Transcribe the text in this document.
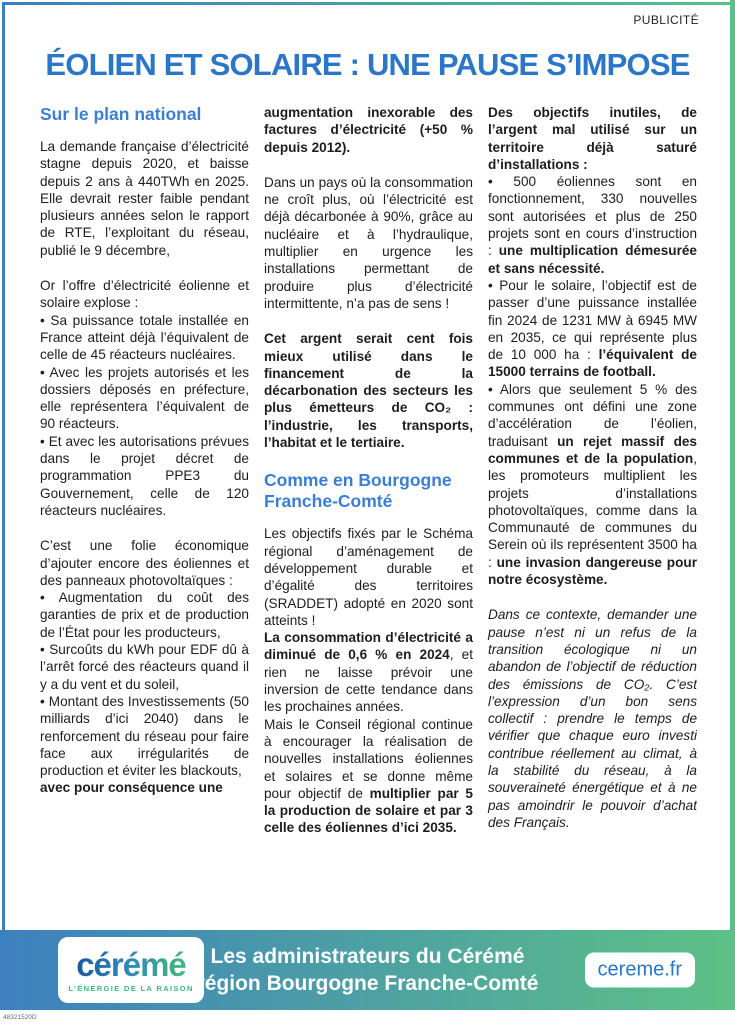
PUBLICITÉ
ÉOLIEN ET SOLAIRE : UNE PAUSE S’IMPOSE
Sur le plan national

La demande française d’électricité stagne depuis 2020, et baisse depuis 2 ans à 440TWh en 2025. Elle devrait rester faible pendant plusieurs années selon le rapport de RTE, l’exploitant du réseau, publié le 9 décembre,

Or l’offre d’électricité éolienne et solaire explose :

• Sa puissance totale installée en France atteint déjà l’équivalent de celle de 45 réacteurs nucléaires.

• Avec les projets autorisés et les dossiers déposés en préfecture, elle représentera l’équivalent de 90 réacteurs.

• Et avec les autorisations prévues dans le projet décret de programmation PPE3 du Gouvernement, celle de 120 réacteurs nucléaires.

C’est une folie économique d’ajouter encore des éoliennes et des panneaux photovoltaïques :

• Augmentation du coût des garanties de prix et de production de l’État pour les producteurs,

• Surcoûts du kWh pour EDF dû à l’arrêt forcé des réacteurs quand il y a du vent et du soleil,

• Montant des Investissements (50 milliards d’ici 2040) dans le renforcement du réseau pour faire face aux irrégularités de production et éviter les blackouts,

avec pour conséquence une

augmentation inexorable des factures d’électricité (+50 % depuis 2012).

Dans un pays où la consommation ne croît plus, où l’électricité est déjà décarbonée à 90%, grâce au nucléaire et à l’hydraulique, multiplier en urgence les installations permettant de produire plus d’électricité intermittente, n’a pas de sens !

Cet argent serait cent fois mieux utilisé dans le financement de la décarbonation des secteurs les plus émetteurs de CO₂ : l’industrie, les transports, l’habitat et le tertiaire.

Comme en Bourgogne Franche-Comté

Les objectifs fixés par le Schéma régional d’aménagement de développement durable et d’égalité des territoires (SRADDET) adopté en 2020 sont atteints !

La consommation d’électricité a diminué de 0,6 % en 2024, et rien ne laisse prévoir une inversion de cette tendance dans les prochaines années.

Mais le Conseil régional continue à encourager la réalisation de nouvelles installations éoliennes et solaires et se donne même pour objectif de multiplier par 5 la production de solaire et par 3 celle des éoliennes d’ici 2035.

Des objectifs inutiles, de l’argent mal utilisé sur un territoire déjà saturé d’installations :

• 500 éoliennes sont en fonctionnement, 330 nouvelles sont autorisées et plus de 250 projets sont en cours d’instruction : une multiplication démesurée et sans nécessité.

• Pour le solaire, l’objectif est de passer d’une puissance installée fin 2024 de 1231 MW à 6945 MW en 2035, ce qui représente plus de 10 000 ha : l’équivalent de 15000 terrains de football.

• Alors que seulement 5 % des communes ont défini une zone d’accélération de l’éolien, traduisant un rejet massif des communes et de la population, les promoteurs multiplient les projets d’installations photovoltaïques, comme dans la Communauté de communes du Serein où ils représentent 3500 ha : une invasion dangereuse pour notre écosystème.

Dans ce contexte, demander une pause n’est ni un refus de la transition écologique ni un abandon de l’objectif de réduction des émissions de CO₂. C’est l’expression d’un bon sens collectif : prendre le temps de vérifier que chaque euro investi contribue réellement au climat, à la stabilité du réseau, à la souveraineté énergétique et à ne pas amoindrir le pouvoir d’achat des Français.

cérémé
L’ÉNERGIE DE LA RAISON
Les administrateurs du Cérémé
région Bourgogne Franche-Comté
cereme.fr
48321520D
